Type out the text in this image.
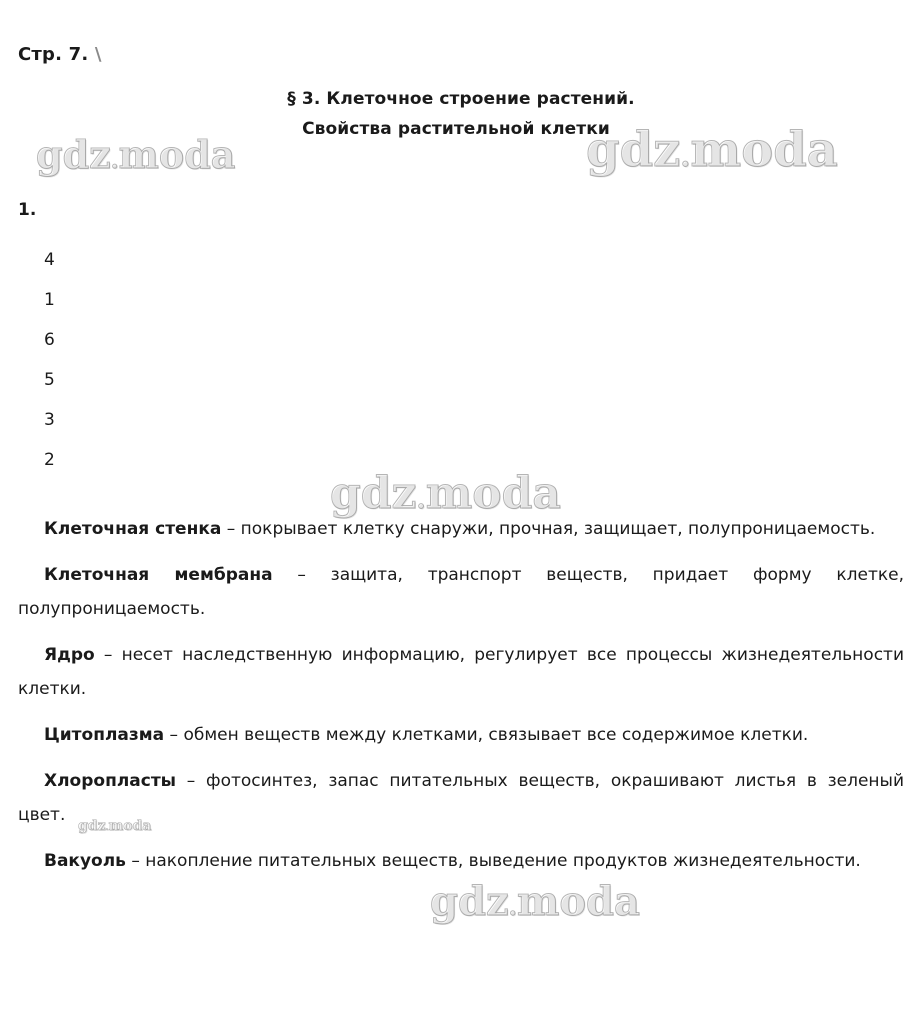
Стр. 7. \
§ 3. Клеточное строение растений.
Свойства растительной клетки
1.
4
1
6
5
3
2

Клеточная стенка – покрывает клетку снаружи, прочная, защищает, полупроницаемость.

Клеточная мембрана – защита, транспорт веществ, придает форму клетке, полупроницаемость.

Ядро – несет наследственную информацию, регулирует все процессы жизнедеятельности клетки.

Цитоплазма – обмен веществ между клетками, связывает все содержимое клетки.

Хлоропласты – фотосинтез, запас питательных веществ, окрашивают листья в зеленый цвет.

Вакуоль – накопление питательных веществ, выведение продуктов жизнедеятельности.

gdz.moda	gdz.moda
gdz.moda
gdz.moda
gdz.moda
